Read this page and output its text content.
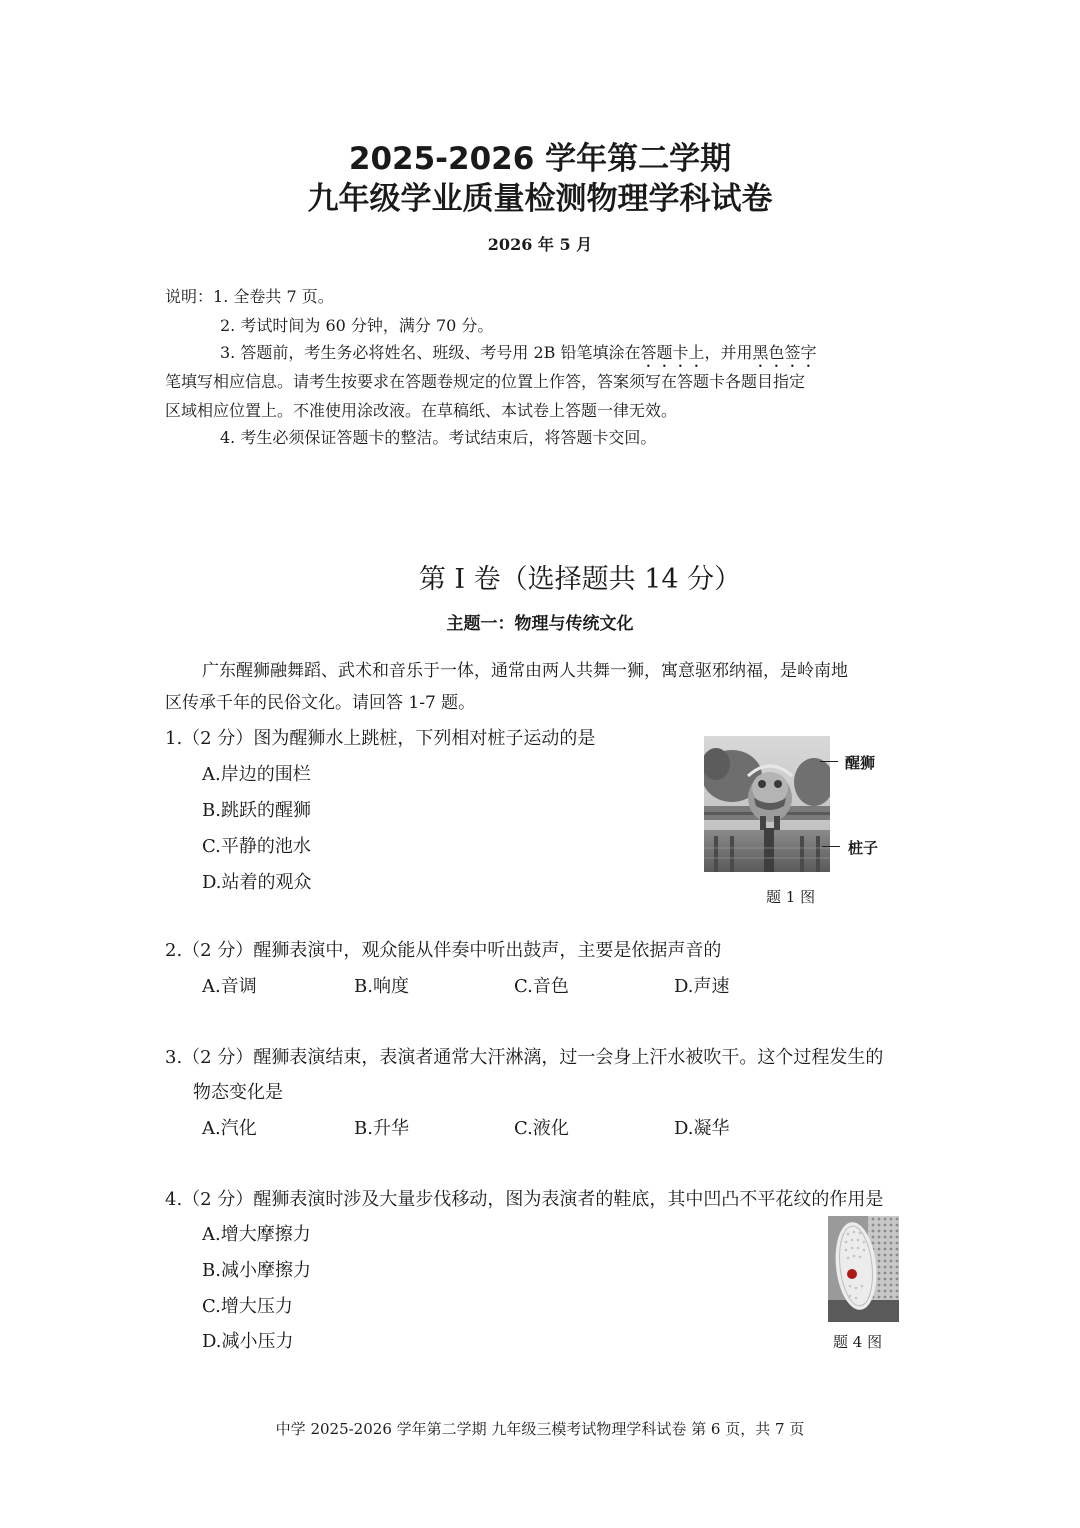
2025-2026 学年第二学期
九年级学业质量检测物理学科试卷
2026 年 5 月
说明：1. 全卷共 7 页。
2. 考试时间为 60 分钟，满分 70 分。
3. 答题前，考生务必将姓名、班级、考号用 2B 铅笔填涂在答题卡上，并用黑色签字
笔填写相应信息。请考生按要求在答题卷规定的位置上作答，答案须写在答题卡各题目指定
区域相应位置上。不准使用涂改液。在草稿纸、本试卷上答题一律无效。
4. 考生必须保证答题卡的整洁。考试结束后，将答题卡交回。
第 I 卷（选择题共 14 分）
主题一：物理与传统文化
广东醒狮融舞蹈、武术和音乐于一体，通常由两人共舞一狮，寓意驱邪纳福，是岭南地
区传承千年的民俗文化。请回答 1-7 题。
1.（2 分）图为醒狮水上跳桩，下列相对桩子运动的是
A.岸边的围栏
B.跳跃的醒狮
C.平静的池水
D.站着的观众
醒狮
桩子
题 1 图
2.（2 分）醒狮表演中，观众能从伴奏中听出鼓声，主要是依据声音的
A.音调	B.响度	C.音色	D.声速
3.（2 分）醒狮表演结束，表演者通常大汗淋漓，过一会身上汗水被吹干。这个过程发生的
物态变化是
A.汽化	B.升华	C.液化	D.凝华
4.（2 分）醒狮表演时涉及大量步伐移动，图为表演者的鞋底，其中凹凸不平花纹的作用是
A.增大摩擦力
B.减小摩擦力
C.增大压力
D.减小压力	题 4 图
中学 2025-2026 学年第二学期 九年级三模考试物理学科试卷 第 6 页，共 7 页
